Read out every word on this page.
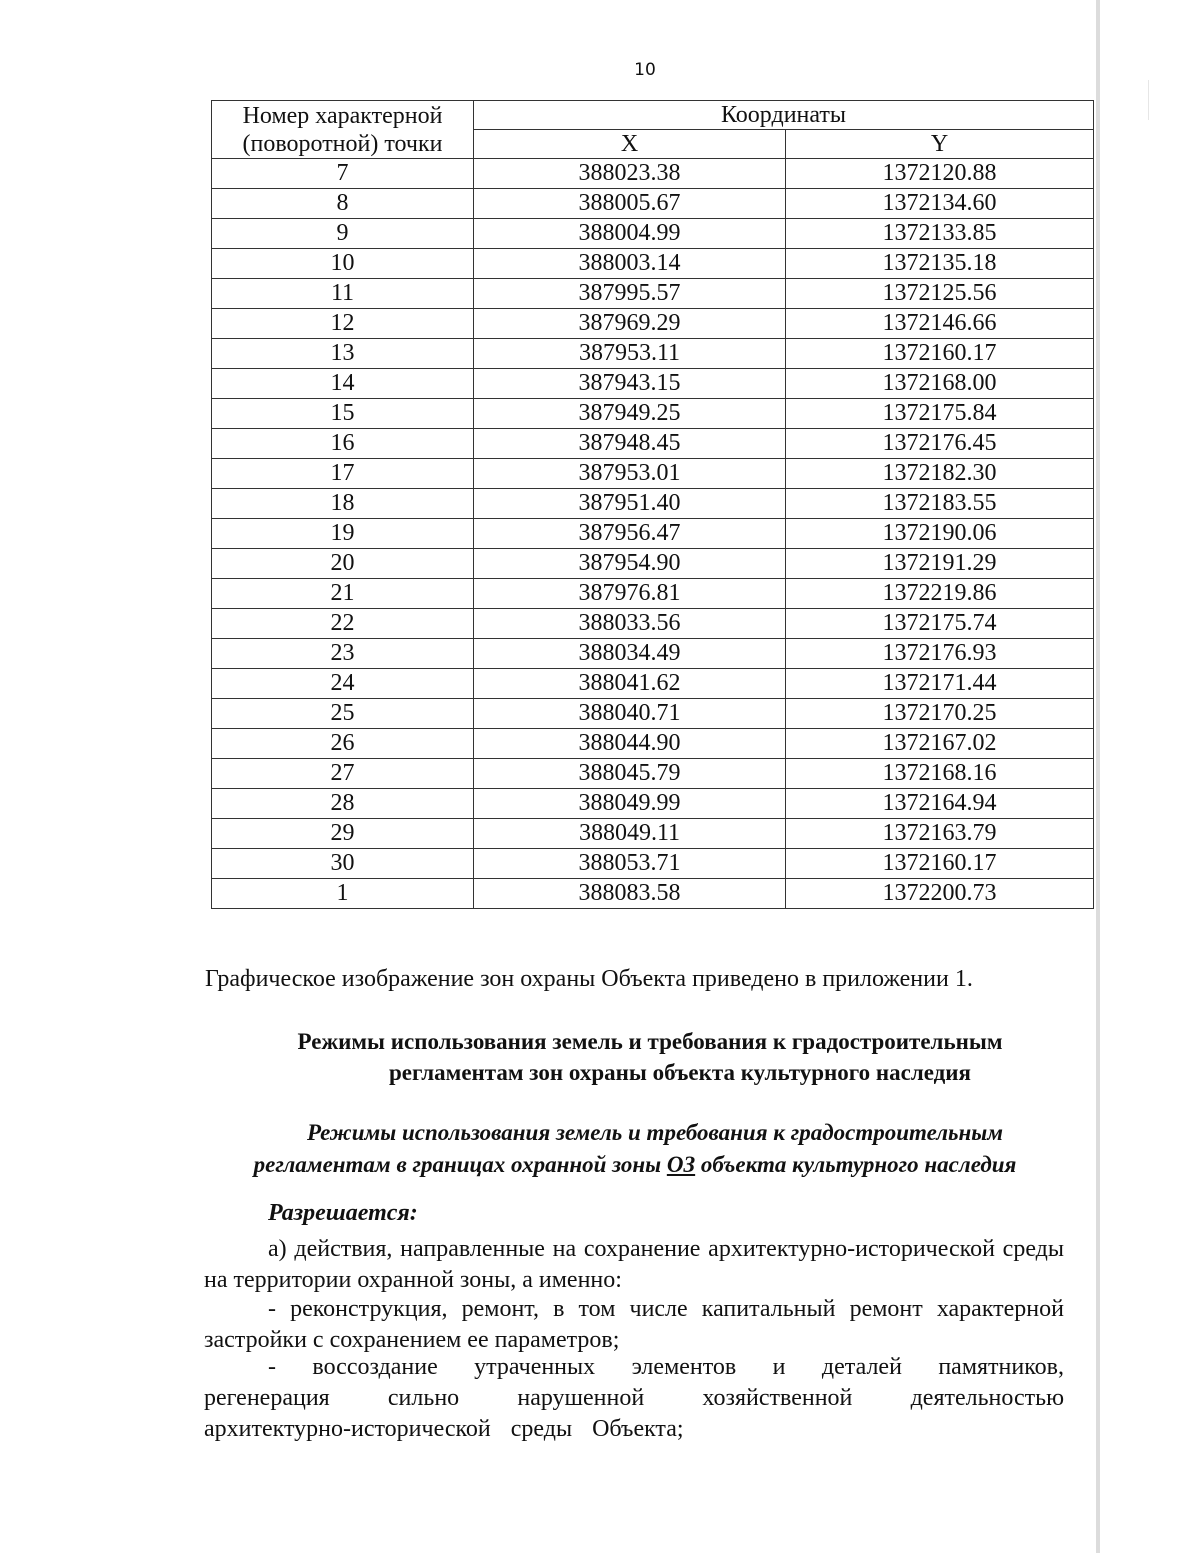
10
Номер характерной (поворотной) точки	Координаты	
	X	Y
7	388023.38	1372120.88
8	388005.67	1372134.60
9	388004.99	1372133.85
10	388003.14	1372135.18
11	387995.57	1372125.56
12	387969.29	1372146.66
13	387953.11	1372160.17
14	387943.15	1372168.00
15	387949.25	1372175.84
16	387948.45	1372176.45
17	387953.01	1372182.30
18	387951.40	1372183.55
19	387956.47	1372190.06
20	387954.90	1372191.29
21	387976.81	1372219.86
22	388033.56	1372175.74
23	388034.49	1372176.93
24	388041.62	1372171.44
25	388040.71	1372170.25
26	388044.90	1372167.02
27	388045.79	1372168.16
28	388049.99	1372164.94
29	388049.11	1372163.79
30	388053.71	1372160.17
1	388083.58	1372200.73
Графическое изображение зон охраны Объекта приведено в приложении 1.
Режимы использования земель и требования к градостроительным
регламентам зон охраны объекта культурного наследия
Режимы использования земель и требования к градостроительным
регламентам в границах охранной зоны ОЗ объекта культурного наследия
Разрешается:
а) действия, направленные на сохранение архитектурно-исторической среды на территории охранной зоны, а именно:
- реконструкция, ремонт, в том числе капитальный ремонт характерной застройки с сохранением ее параметров;
- воссоздание утраченных элементов и деталей памятников, регенерация сильно нарушенной хозяйственной деятельностью архитектурно-исторической среды Объекта;
